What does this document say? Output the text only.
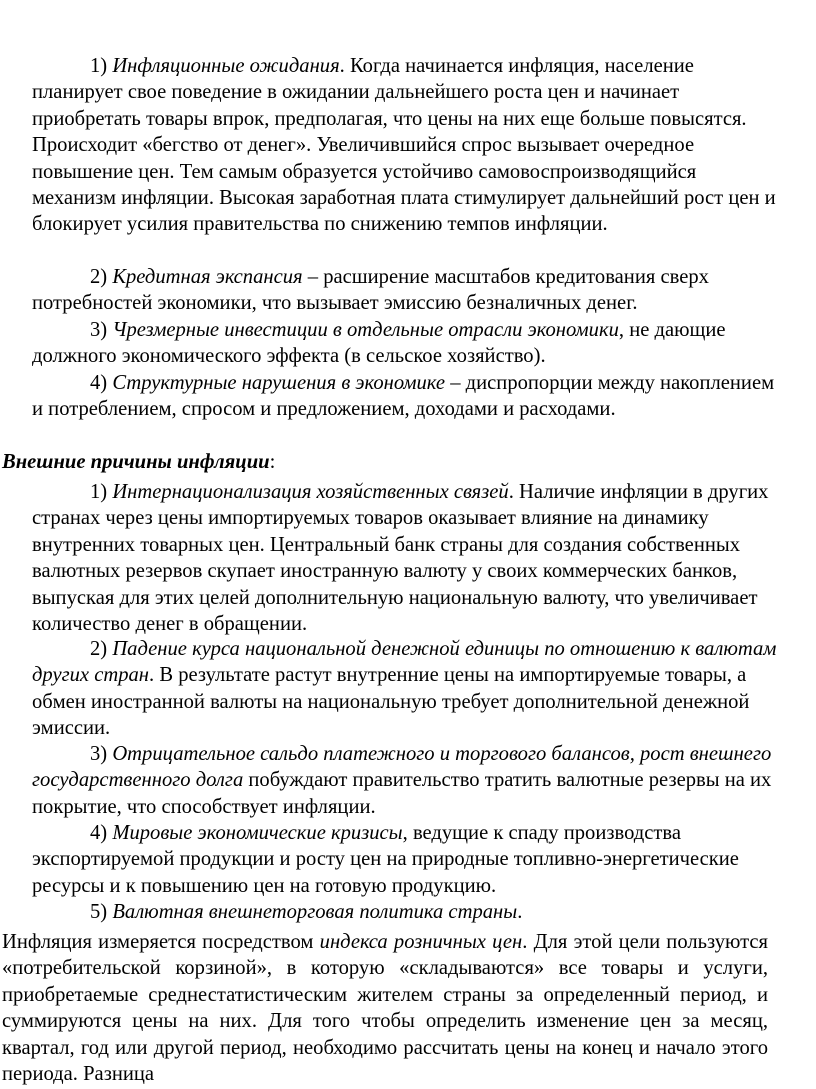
1) Инфляционные ожидания. Когда начинается инфляция, население планирует свое поведение в ожидании дальнейшего роста цен и начинает приобретать товары впрок, предполагая, что цены на них еще больше повысятся. Происходит «бегство от денег». Увеличившийся спрос вызывает очередное повышение цен. Тем самым образуется устойчиво самовоспроизводящийся механизм инфляции. Высокая заработная плата стимулирует дальнейший рост цен и блокирует усилия правительства по снижению темпов инфляции.

2) Кредитная экспансия – расширение масштабов кредитования сверх потребностей экономики, что вызывает эмиссию безналичных денег.

3) Чрезмерные инвестиции в отдельные отрасли экономики, не дающие должного экономического эффекта (в сельское хозяйство).

4) Структурные нарушения в экономике – диспропорции между накоплением и потреблением, спросом и предложением, доходами и расходами.

Внешние причины инфляции:

1) Интернационализация хозяйственных связей. Наличие инфляции в других странах через цены импортируемых товаров оказывает влияние на динамику внутренних товарных цен. Центральный банк страны для создания собственных валютных резервов скупает иностранную валюту у своих коммерческих банков, выпуская для этих целей дополнительную национальную валюту, что увеличивает количество денег в обращении.

2) Падение курса национальной денежной единицы по отношению к валютам других стран. В результате растут внутренние цены на импортируемые товары, а обмен иностранной валюты на национальную требует дополнительной денежной эмиссии.

3) Отрицательное сальдо платежного и торгового балансов, рост внешнего государственного долга побуждают правительство тратить валютные резервы на их покрытие, что способствует инфляции.

4) Мировые экономические кризисы, ведущие к спаду производства экспортируемой продукции и росту цен на природные топливно-энергетические ресурсы и к повышению цен на готовую продукцию.

5) Валютная внешнеторговая политика страны.

Инфляция измеряется посредством индекса розничных цен. Для этой цели пользуются «потребительской корзиной», в которую «складываются» все товары и услуги, приобретаемые среднестатистическим жителем страны за определенный период, и суммируются цены на них. Для того чтобы определить изменение цен за месяц, квартал, год или другой период, необходимо рассчитать цены на конец и начало этого периода. Разница
